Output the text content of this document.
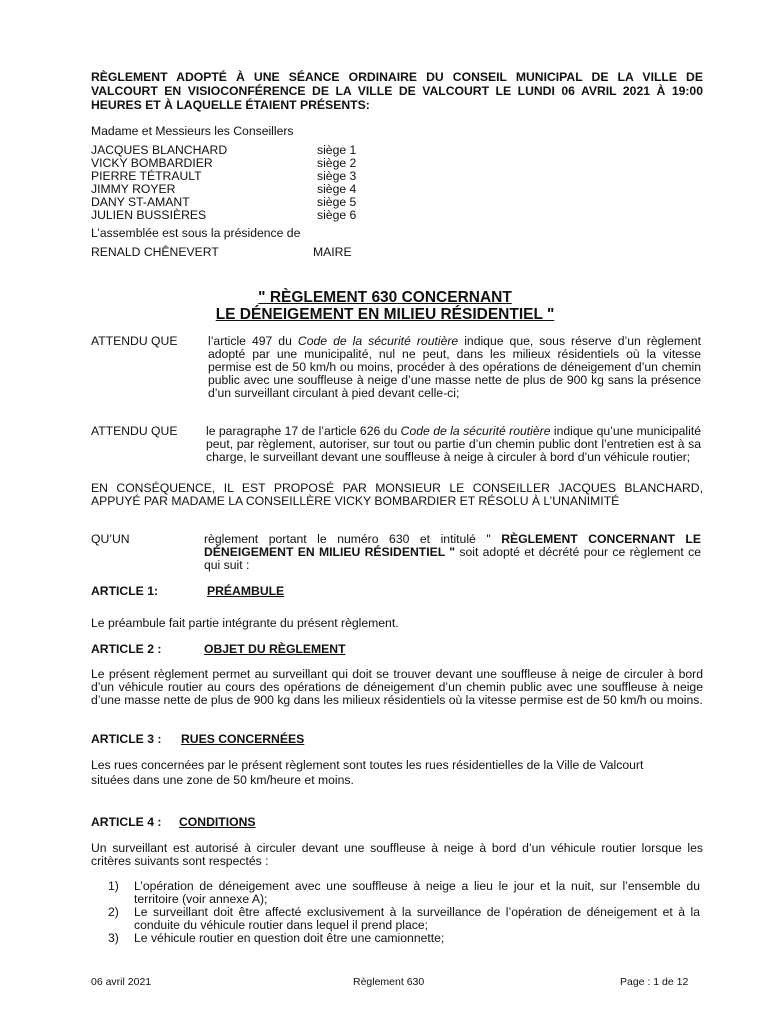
RÈGLEMENT ADOPTÉ À UNE SÉANCE ORDINAIRE DU CONSEIL MUNICIPAL DE LA VILLE DE VALCOURT EN VISIOCONFÉRENCE DE LA VILLE DE VALCOURT LE LUNDI 06 AVRIL 2021 À 19:00 HEURES ET À LAQUELLE ÉTAIENT PRÉSENTS:
Madame et Messieurs les Conseillers
JACQUES BLANCHARD	siège 1
VICKY BOMBARDIER	siège 2
PIERRE TÉTRAULT	siège 3
JIMMY ROYER	siège 4
DANY ST-AMANT	siège 5
JULIEN BUSSIÈRES	siège 6
L’assemblée est sous la présidence de
RENALD CHÊNEVERT	MAIRE
" RÈGLEMENT 630 CONCERNANT
LE DÉNEIGEMENT EN MILIEU RÉSIDENTIEL "
ATTENDU QUE	l’article 497 du Code de la sécurité routière indique que, sous réserve d’un règlement adopté par une municipalité, nul ne peut, dans les milieux résidentiels où la vitesse permise est de 50 km/h ou moins, procéder à des opérations de déneigement d’un chemin public avec une souffleuse à neige d’une masse nette de plus de 900 kg sans la présence d’un surveillant circulant à pied devant celle-ci;
ATTENDU QUE le paragraphe 17 de l’article 626 du Code de la sécurité routière indique qu’une municipalité peut, par règlement, autoriser, sur tout ou partie d’un chemin public dont l’entretien est à sa charge, le surveillant devant une souffleuse à neige à circuler à bord d’un véhicule routier;
EN CONSÉQUENCE, IL EST PROPOSÉ PAR MONSIEUR LE CONSEILLER JACQUES BLANCHARD, APPUYÉ PAR MADAME LA CONSEILLÈRE VICKY BOMBARDIER ET RÉSOLU À L’UNANIMITÉ
QU’UN	règlement portant le numéro 630 et intitulé " RÈGLEMENT CONCERNANT LE DÉNEIGEMENT EN MILIEU RÉSIDENTIEL " soit adopté et décrété pour ce règlement ce qui suit :
ARTICLE 1:	PRÉAMBULE
Le préambule fait partie intégrante du présent règlement.
ARTICLE 2 :	OBJET DU RÈGLEMENT
Le présent règlement permet au surveillant qui doit se trouver devant une souffleuse à neige de circuler à bord d’un véhicule routier au cours des opérations de déneigement d’un chemin public avec une souffleuse à neige d’une masse nette de plus de 900 kg dans les milieux résidentiels où la vitesse permise est de 50 km/h ou moins.
ARTICLE 3 : RUES CONCERNÉES
Les rues concernées par le présent règlement sont toutes les rues résidentielles de la Ville de Valcourt situées dans une zone de 50 km/heure et moins.
ARTICLE 4 : CONDITIONS
Un surveillant est autorisé à circuler devant une souffleuse à neige à bord d’un véhicule routier lorsque les critères suivants sont respectés :
1) L’opération de déneigement avec une souffleuse à neige a lieu le jour et la nuit, sur l’ensemble du territoire (voir annexe A);
2) Le surveillant doit être affecté exclusivement à la surveillance de l’opération de déneigement et à la conduite du véhicule routier dans lequel il prend place;
3) Le véhicule routier en question doit être une camionnette;
06 avril 2021	Règlement 630	Page : 1 de 12
